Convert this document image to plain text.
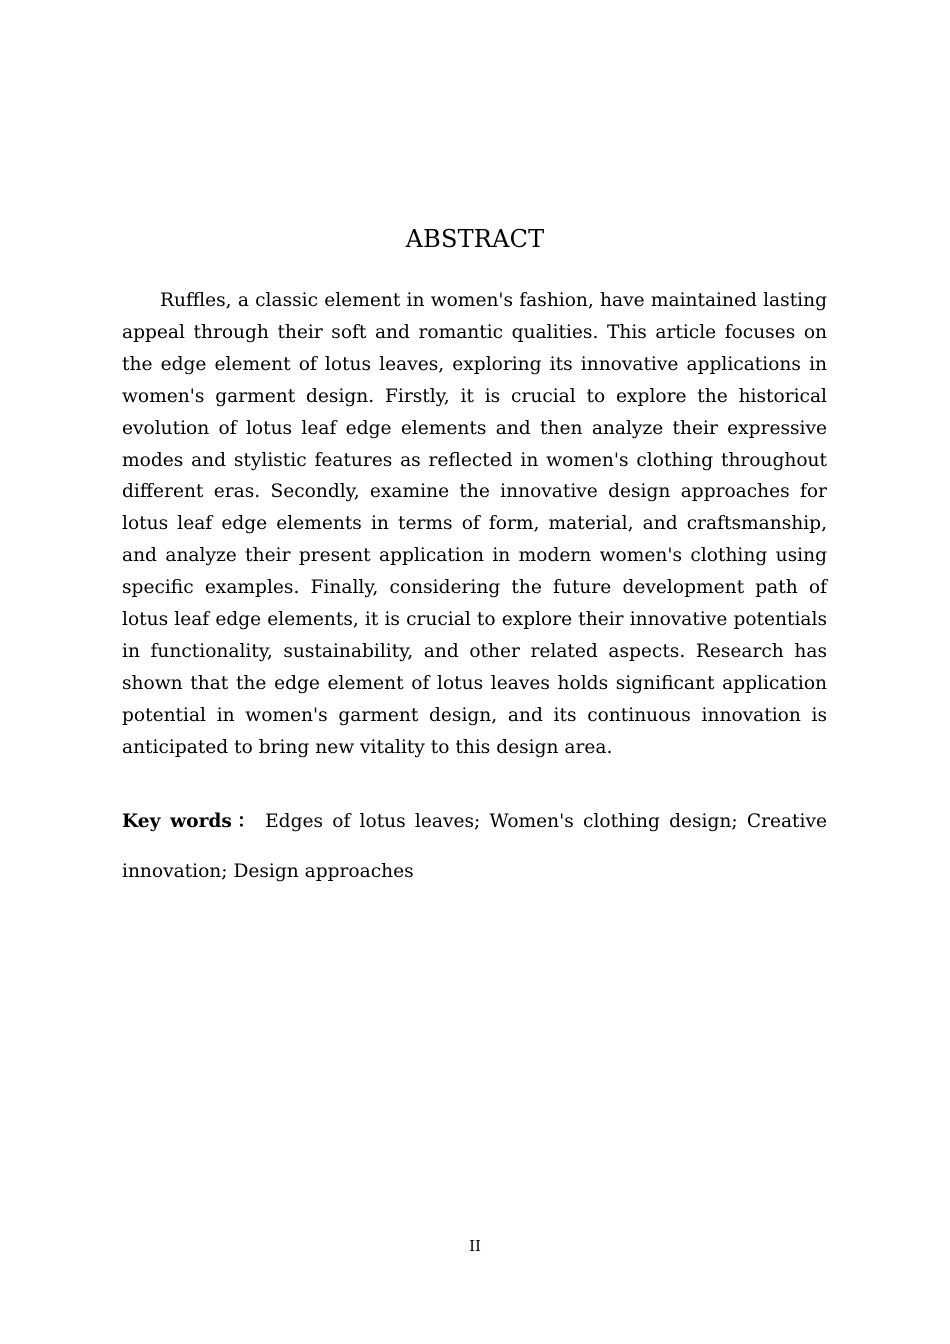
ABSTRACT

Ruffles, a classic element in women's fashion, have maintained lasting appeal through their soft and romantic qualities. This article focuses on the edge element of lotus leaves, exploring its innovative applications in women's garment design. Firstly, it is crucial to explore the historical evolution of lotus leaf edge elements and then analyze their expressive modes and stylistic features as reflected in women's clothing throughout different eras. Secondly, examine the innovative design approaches for lotus leaf edge elements in terms of form, material, and craftsmanship, and analyze their present application in modern women's clothing using specific examples. Finally, considering the future development path of lotus leaf edge elements, it is crucial to explore their innovative potentials in functionality, sustainability, and other related aspects. Research has shown that the edge element of lotus leaves holds significant application potential in women's garment design, and its continuous innovation is anticipated to bring new vitality to this design area.

Key words ： Edges of lotus leaves; Women's clothing design; Creative innovation; Design approaches

II
